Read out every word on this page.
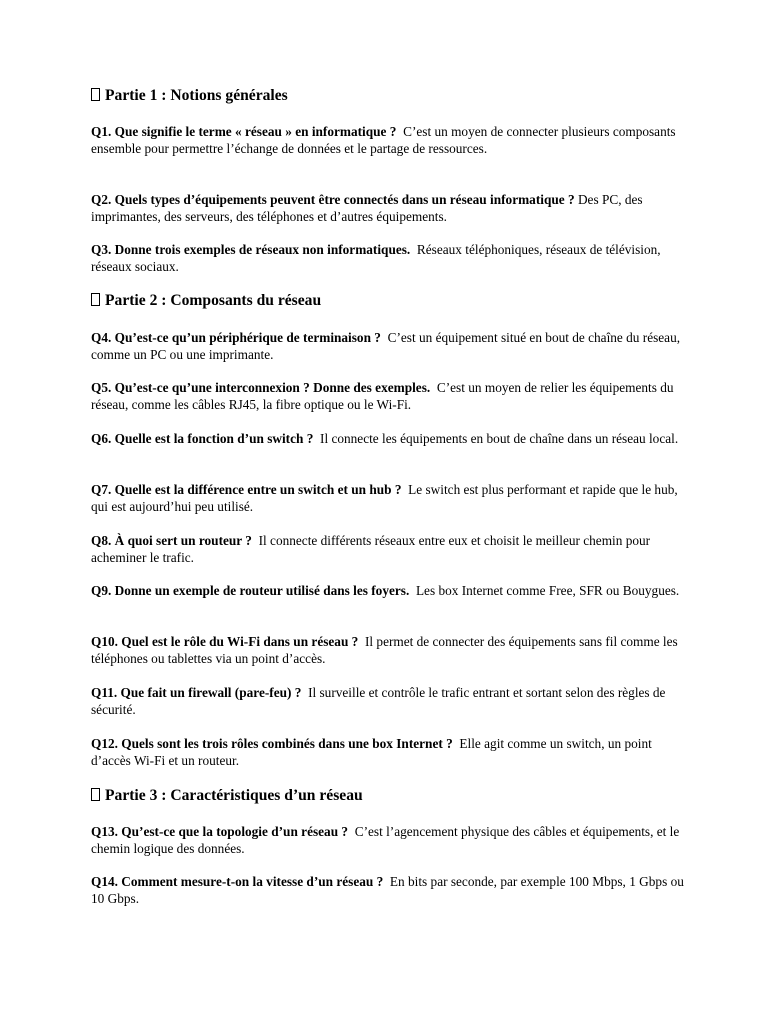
Partie 1 : Notions générales
Q1. Que signifie le terme « réseau » en informatique ? C’est un moyen de connecter plusieurs composants ensemble pour permettre l’échange de données et le partage de ressources.
Q2. Quels types d’équipements peuvent être connectés dans un réseau informatique ? Des PC, des imprimantes, des serveurs, des téléphones et d’autres équipements.
Q3. Donne trois exemples de réseaux non informatiques. Réseaux téléphoniques, réseaux de télévision, réseaux sociaux.
Partie 2 : Composants du réseau
Q4. Qu’est-ce qu’un périphérique de terminaison ? C’est un équipement situé en bout de chaîne du réseau, comme un PC ou une imprimante.
Q5. Qu’est-ce qu’une interconnexion ? Donne des exemples. C’est un moyen de relier les équipements du réseau, comme les câbles RJ45, la fibre optique ou le Wi-Fi.
Q6. Quelle est la fonction d’un switch ? Il connecte les équipements en bout de chaîne dans un réseau local.
Q7. Quelle est la différence entre un switch et un hub ? Le switch est plus performant et rapide que le hub, qui est aujourd’hui peu utilisé.
Q8. À quoi sert un routeur ? Il connecte différents réseaux entre eux et choisit le meilleur chemin pour acheminer le trafic.
Q9. Donne un exemple de routeur utilisé dans les foyers. Les box Internet comme Free, SFR ou Bouygues.
Q10. Quel est le rôle du Wi-Fi dans un réseau ? Il permet de connecter des équipements sans fil comme les téléphones ou tablettes via un point d’accès.
Q11. Que fait un firewall (pare-feu) ? Il surveille et contrôle le trafic entrant et sortant selon des règles de sécurité.
Q12. Quels sont les trois rôles combinés dans une box Internet ? Elle agit comme un switch, un point d’accès Wi-Fi et un routeur.
Partie 3 : Caractéristiques d’un réseau
Q13. Qu’est-ce que la topologie d’un réseau ? C’est l’agencement physique des câbles et équipements, et le chemin logique des données.
Q14. Comment mesure-t-on la vitesse d’un réseau ? En bits par seconde, par exemple 100 Mbps, 1 Gbps ou 10 Gbps.
